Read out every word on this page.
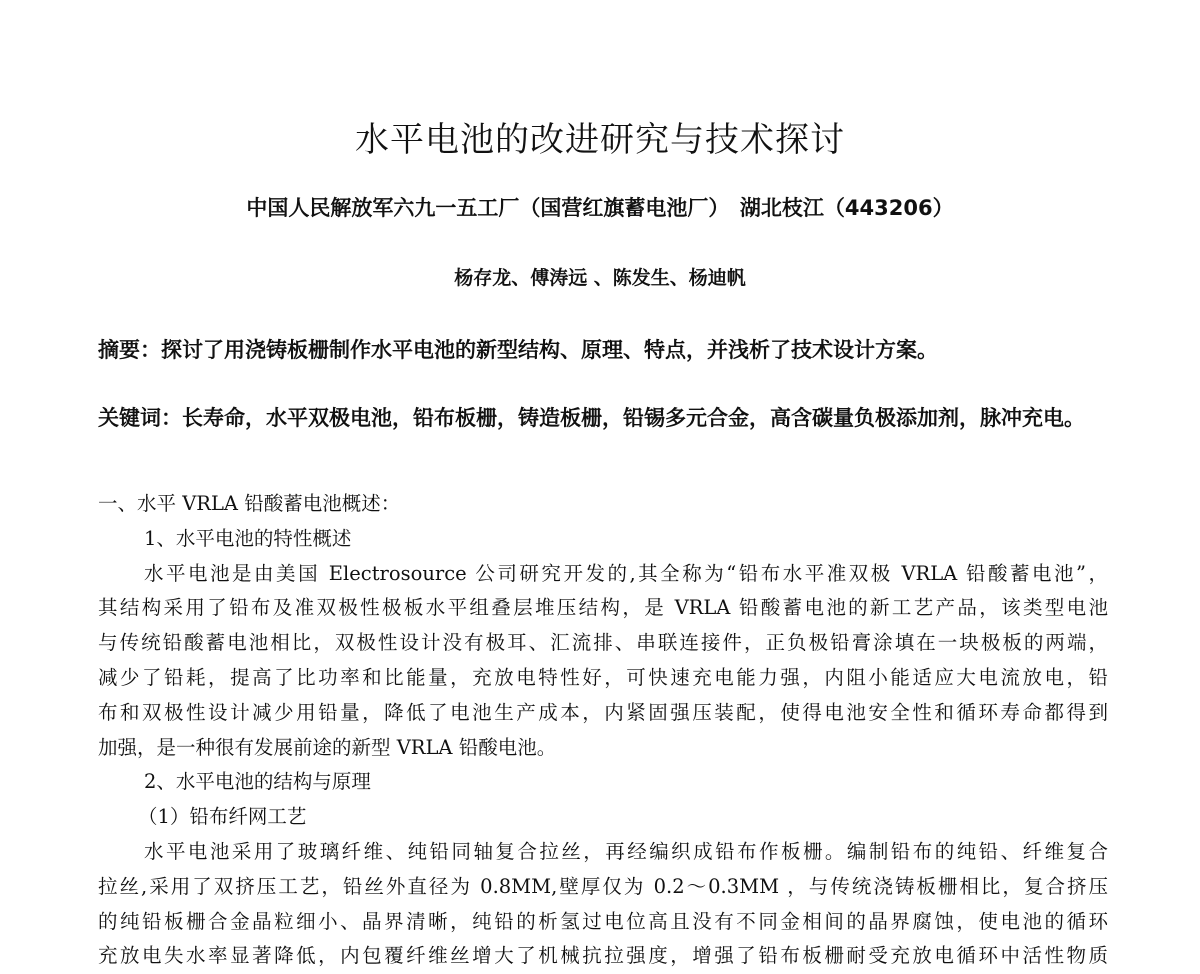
水平电池的改进研究与技术探讨
中国人民解放军六九一五工厂（国营红旗蓄电池厂）　湖北枝江（443206）
杨存龙、傅涛远 、陈发生、杨迪帆
摘要：探讨了用浇铸板栅制作水平电池的新型结构、原理、特点，并浅析了技术设计方案。
关键词：长寿命，水平双极电池，铅布板栅，铸造板栅，铅锡多元合金，高含碳量负极添加剂，脉冲充电。
一、水平 VRLA 铅酸蓄电池概述：
1、水平电池的特性概述
水平电池是由美国 Electrosource 公司研究开发的,其全称为“铅布水平准双极 VRLA 铅酸蓄电池”，
其结构采用了铅布及准双极性极板水平组叠层堆压结构，是 VRLA 铅酸蓄电池的新工艺产品，该类型电池
与传统铅酸蓄电池相比，双极性设计没有极耳、汇流排、串联连接件，正负极铅膏涂填在一块极板的两端，
减少了铅耗，提高了比功率和比能量，充放电特性好，可快速充电能力强，内阻小能适应大电流放电，铅
布和双极性设计减少用铅量，降低了电池生产成本，内紧固强压装配，使得电池安全性和循环寿命都得到
加强，是一种很有发展前途的新型 VRLA 铅酸电池。
2、水平电池的结构与原理
（1）铅布纤网工艺
水平电池采用了玻璃纤维、纯铅同轴复合拉丝，再经编织成铅布作板栅。编制铅布的纯铅、纤维复合
拉丝,采用了双挤压工艺，铅丝外直径为 0.8MM,壁厚仅为 0.2～0.3MM ，与传统浇铸板栅相比，复合挤压
的纯铅板栅合金晶粒细小、晶界清晰，纯铅的析氢过电位高且没有不同金相间的晶界腐蚀，使电池的循环
充放电失水率显著降低，内包覆纤维丝增大了机械抗拉强度，增强了铅布板栅耐受充放电循环中活性物质
